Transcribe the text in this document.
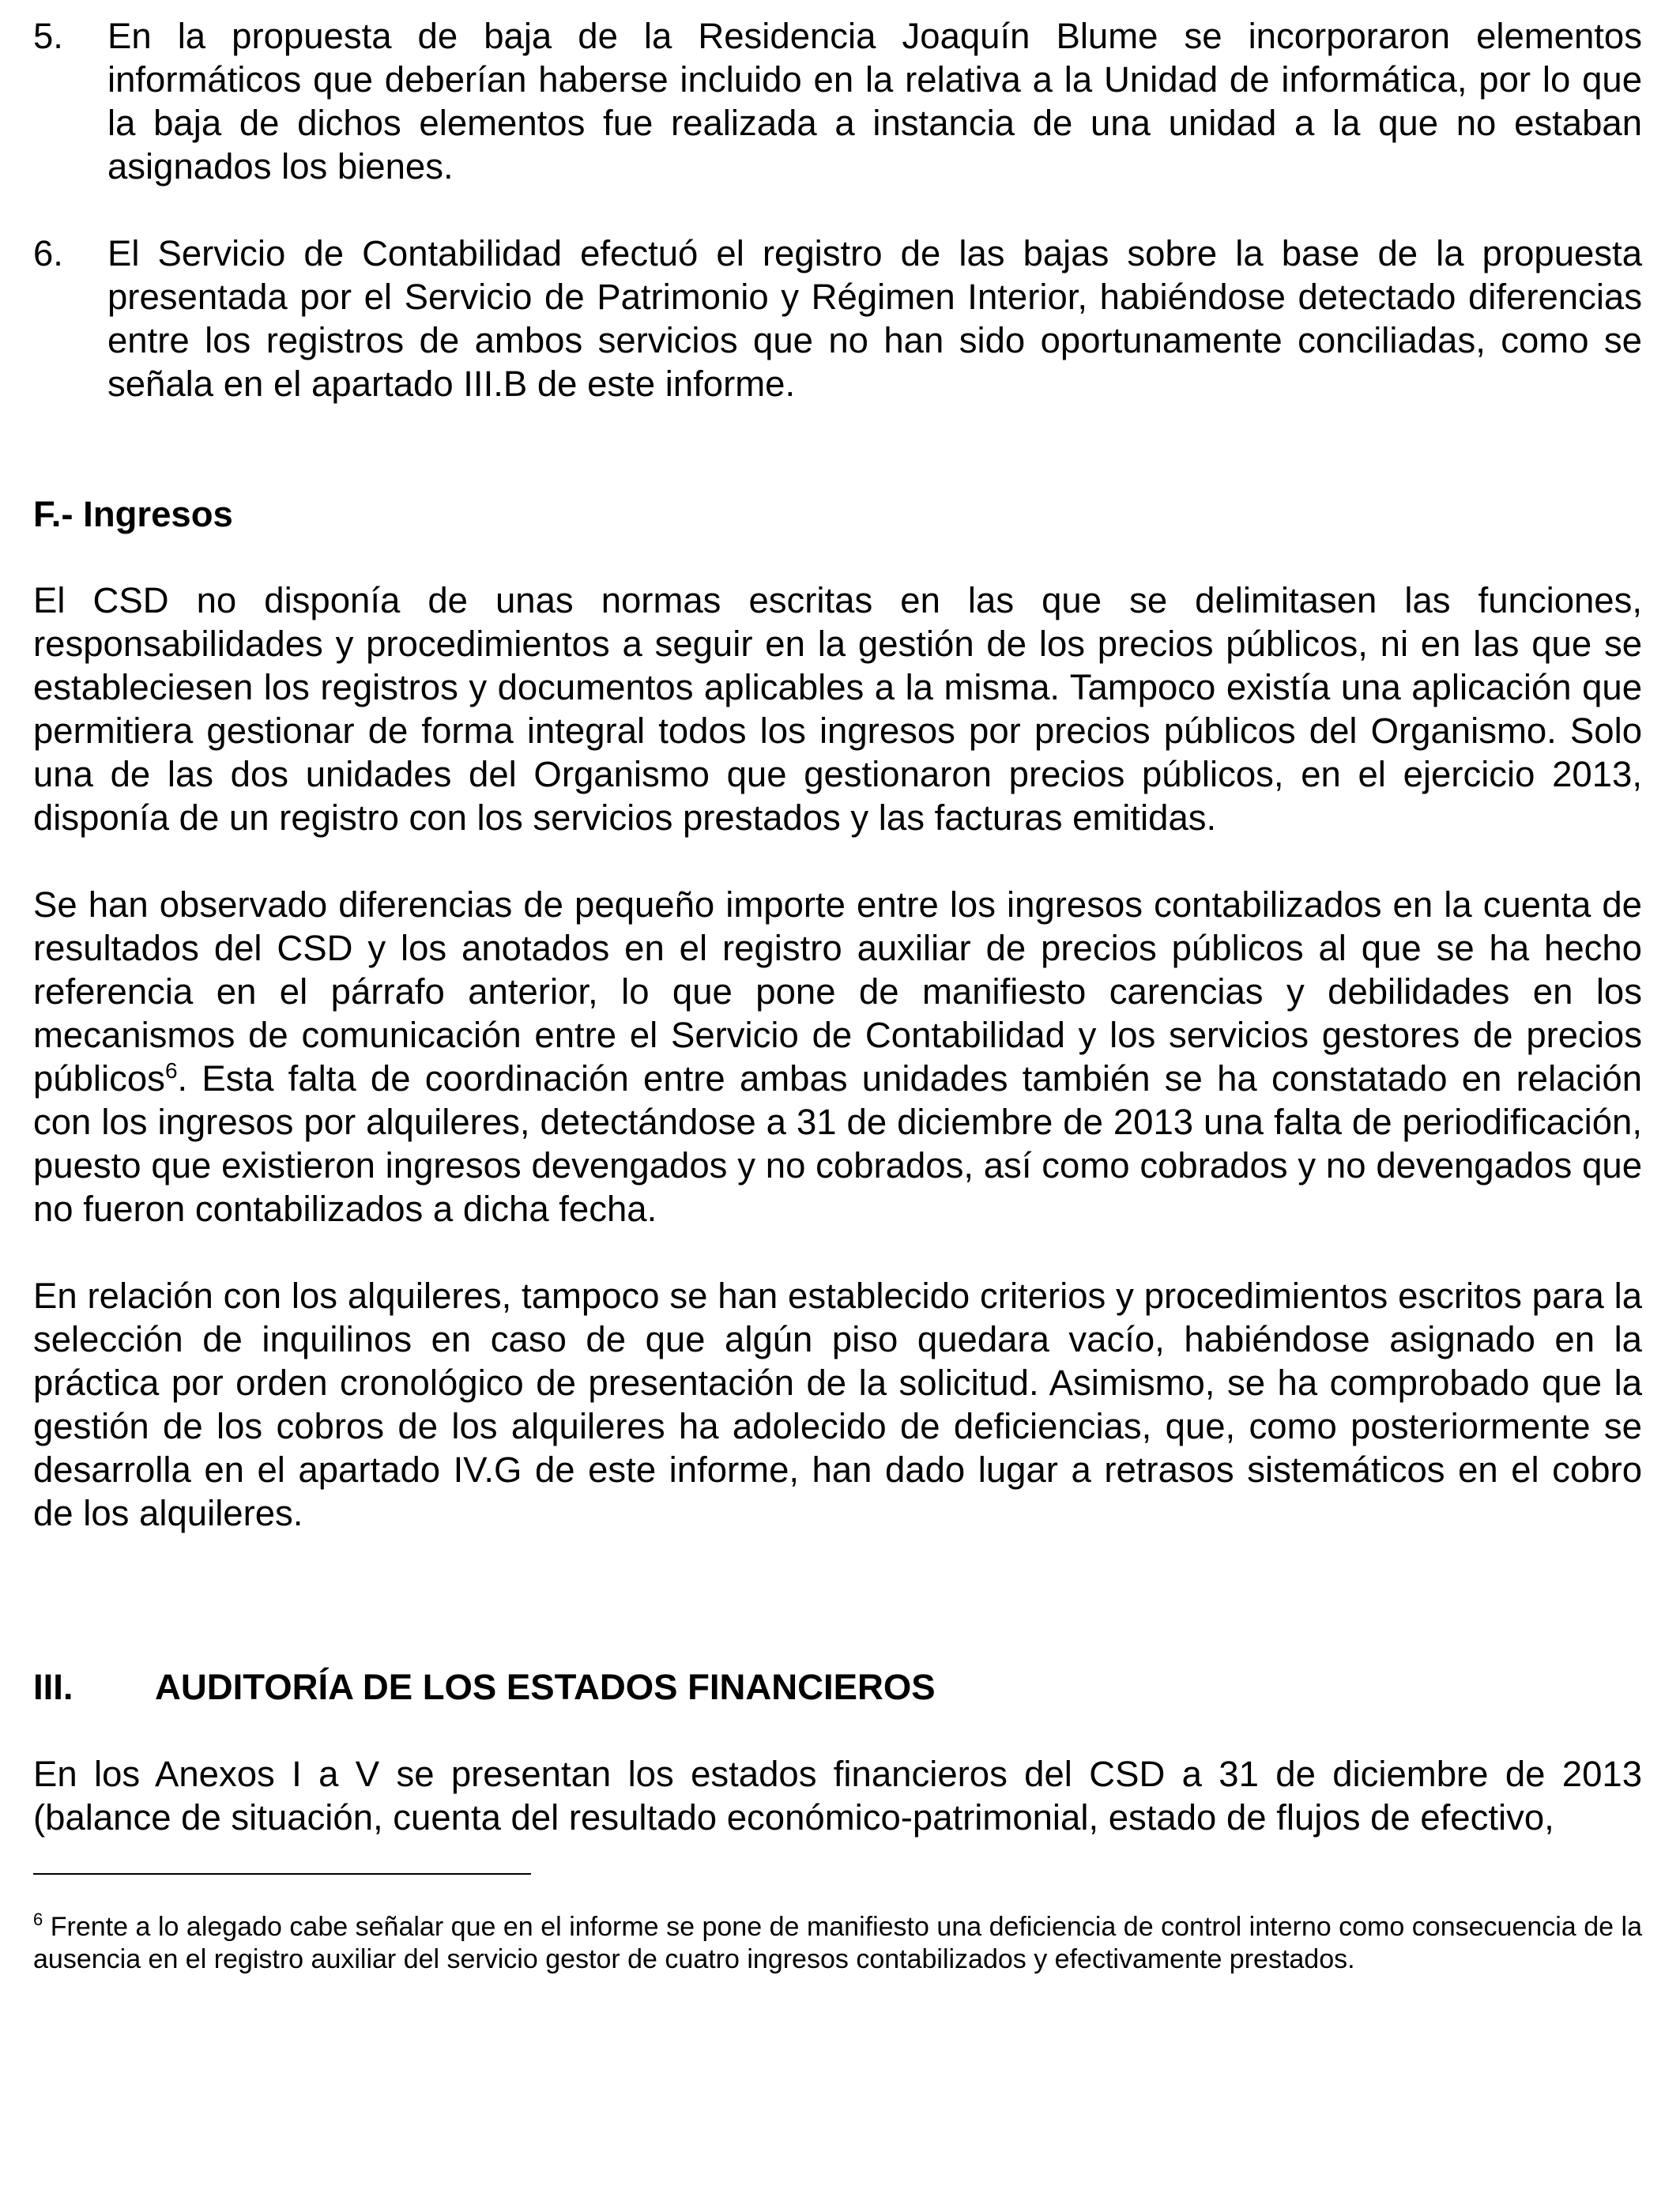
5. En la propuesta de baja de la Residencia Joaquín Blume se incorporaron elementos informáticos que deberían haberse incluido en la relativa a la Unidad de informática, por lo que la baja de dichos elementos fue realizada a instancia de una unidad a la que no estaban asignados los bienes.
6. El Servicio de Contabilidad efectuó el registro de las bajas sobre la base de la propuesta presentada por el Servicio de Patrimonio y Régimen Interior, habiéndose detectado diferencias entre los registros de ambos servicios que no han sido oportunamente conciliadas, como se señala en el apartado III.B de este informe.
F.- Ingresos

El CSD no disponía de unas normas escritas en las que se delimitasen las funciones, responsabilidades y procedimientos a seguir en la gestión de los precios públicos, ni en las que se estableciesen los registros y documentos aplicables a la misma. Tampoco existía una aplicación que permitiera gestionar de forma integral todos los ingresos por precios públicos del Organismo. Solo una de las dos unidades del Organismo que gestionaron precios públicos, en el ejercicio 2013, disponía de un registro con los servicios prestados y las facturas emitidas.

Se han observado diferencias de pequeño importe entre los ingresos contabilizados en la cuenta de resultados del CSD y los anotados en el registro auxiliar de precios públicos al que se ha hecho referencia en el párrafo anterior, lo que pone de manifiesto carencias y debilidades en los mecanismos de comunicación entre el Servicio de Contabilidad y los servicios gestores de precios públicos$^6$. Esta falta de coordinación entre ambas unidades también se ha constatado en relación con los ingresos por alquileres, detectándose a 31 de diciembre de 2013 una falta de periodificación, puesto que existieron ingresos devengados y no cobrados, así como cobrados y no devengados que no fueron contabilizados a dicha fecha.

En relación con los alquileres, tampoco se han establecido criterios y procedimientos escritos para la selección de inquilinos en caso de que algún piso quedara vacío, habiéndose asignado en la práctica por orden cronológico de presentación de la solicitud. Asimismo, se ha comprobado que la gestión de los cobros de los alquileres ha adolecido de deficiencias, que, como posteriormente se desarrolla en el apartado IV.G de este informe, han dado lugar a retrasos sistemáticos en el cobro de los alquileres.

III. AUDITORÍA DE LOS ESTADOS FINANCIEROS

En los Anexos I a V se presentan los estados financieros del CSD a 31 de diciembre de 2013 (balance de situación, cuenta del resultado económico-patrimonial, estado de flujos de efectivo,

$^6$ Frente a lo alegado cabe señalar que en el informe se pone de manifiesto una deficiencia de control interno como consecuencia de la ausencia en el registro auxiliar del servicio gestor de cuatro ingresos contabilizados y efectivamente prestados.
